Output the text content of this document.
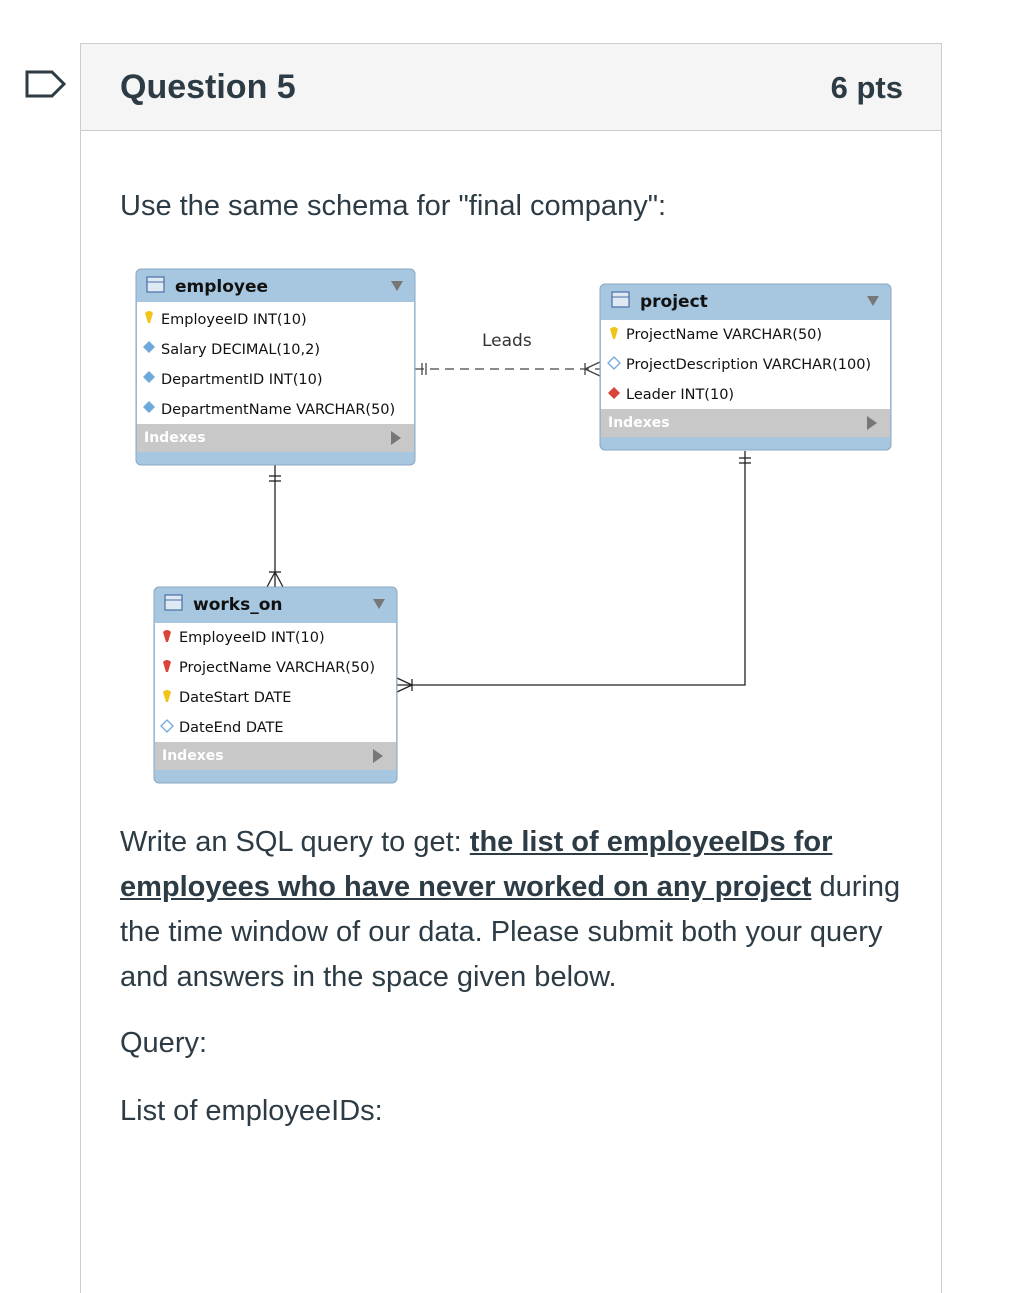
Question 5	6 pts
Use the same schema for "final company":
Leads
employee
EmployeeID INT(10)
Salary DECIMAL(10,2)
DepartmentID INT(10)
DepartmentName VARCHAR(50)
Indexes
project
ProjectName VARCHAR(50)
ProjectDescription VARCHAR(100)
Leader INT(10)
Indexes
works_on
EmployeeID INT(10)
ProjectName VARCHAR(50)
DateStart DATE
DateEnd DATE
Indexes
Write an SQL query to get: the list of employeeIDs for employees who have never worked on any project during the time window of our data. Please submit both your query and answers in the space given below.
Query:
List of employeeIDs:
